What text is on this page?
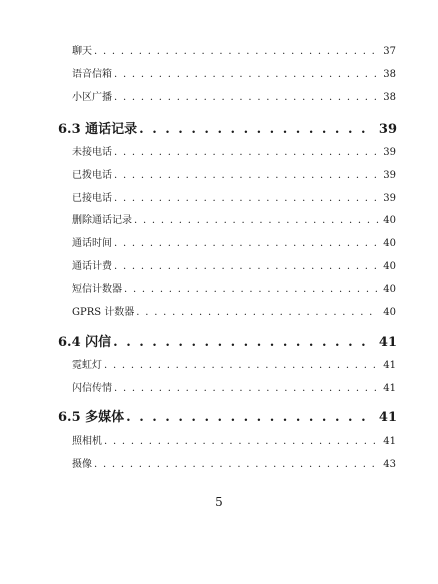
聊天 . . .	37
语音信箱 . . .	38
小区广播 . . .	38
6.3 通话记录 . . .	39
未接电话 . . .	39
已拨电话 . . .	39
已接电话 . . .	39
删除通话记录 . . .	40
通话时间 . . .	40
通话计费 . . .	40
短信计数器 . . .	40
GPRS 计数器 . . .	40
6.4 闪信 . . .	41
霓虹灯 . . .	41
闪信传情 . . .	41
6.5 多媒体 . . .	41
照相机 . . .	41
摄像 . . .	43
5
